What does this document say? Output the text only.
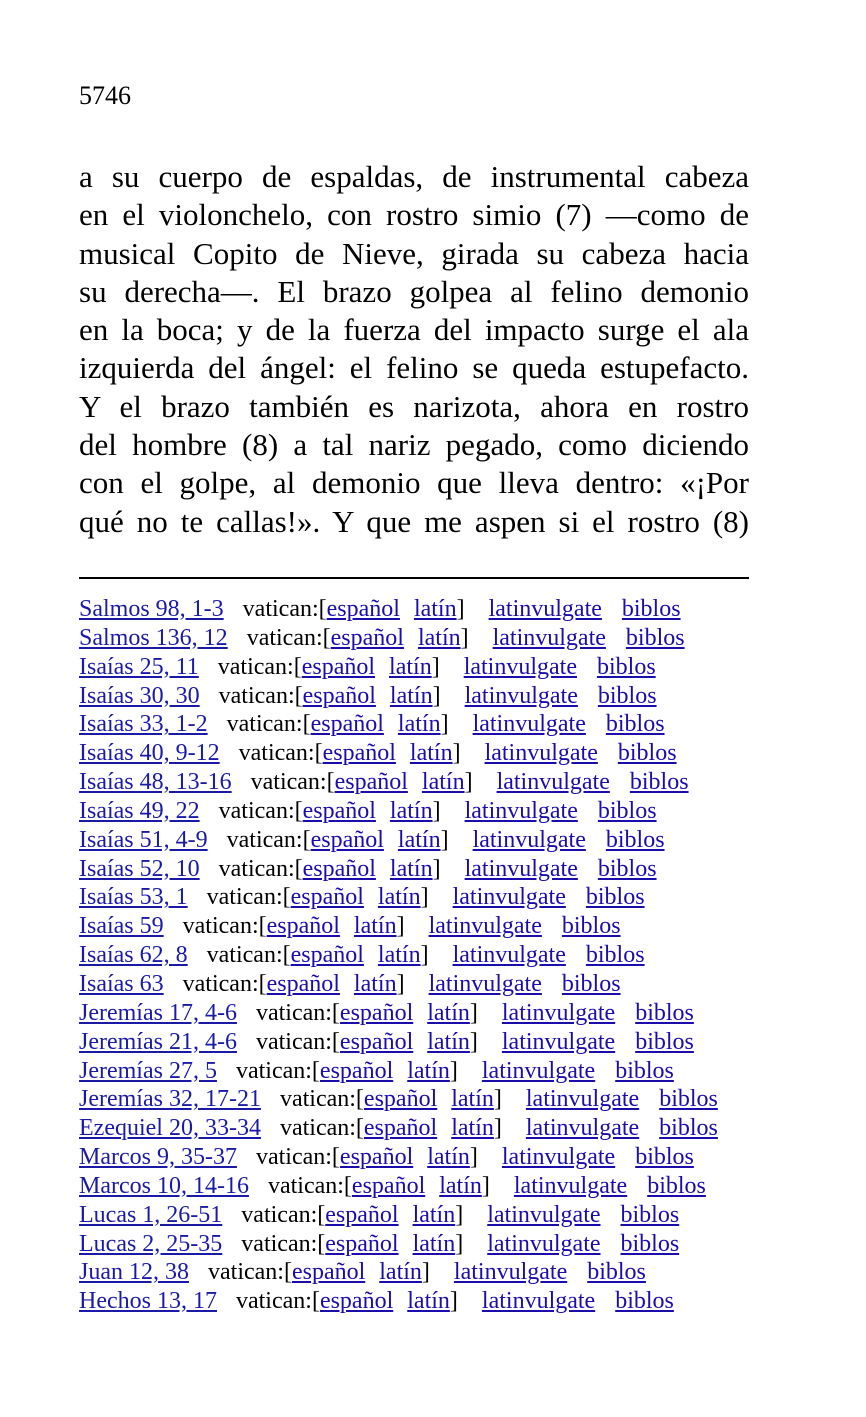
5746
a su cuerpo de espaldas, de instrumental cabeza
en el violonchelo, con rostro simio (7) —como de
musical Copito de Nieve, girada su cabeza hacia
su derecha—. El brazo golpea al felino demonio
en la boca; y de la fuerza del impacto surge el ala
izquierda del ángel: el felino se queda estupefacto.
Y el brazo también es narizota, ahora en rostro
del hombre (8) a tal nariz pegado, como diciendo
con el golpe, al demonio que lleva dentro: «¡Por
qué no te callas!». Y que me aspen si el rostro (8)
Salmos 98, 1-3 vatican:[español latín] latinvulgate biblos
Salmos 136, 12 vatican:[español latín] latinvulgate biblos
Isaías 25, 11 vatican:[español latín] latinvulgate biblos
Isaías 30, 30 vatican:[español latín] latinvulgate biblos
Isaías 33, 1-2 vatican:[español latín] latinvulgate biblos
Isaías 40, 9-12 vatican:[español latín] latinvulgate biblos
Isaías 48, 13-16 vatican:[español latín] latinvulgate biblos
Isaías 49, 22 vatican:[español latín] latinvulgate biblos
Isaías 51, 4-9 vatican:[español latín] latinvulgate biblos
Isaías 52, 10 vatican:[español latín] latinvulgate biblos
Isaías 53, 1 vatican:[español latín] latinvulgate biblos
Isaías 59 vatican:[español latín] latinvulgate biblos
Isaías 62, 8 vatican:[español latín] latinvulgate biblos
Isaías 63 vatican:[español latín] latinvulgate biblos
Jeremías 17, 4-6 vatican:[español latín] latinvulgate biblos
Jeremías 21, 4-6 vatican:[español latín] latinvulgate biblos
Jeremías 27, 5 vatican:[español latín] latinvulgate biblos
Jeremías 32, 17-21 vatican:[español latín] latinvulgate biblos
Ezequiel 20, 33-34 vatican:[español latín] latinvulgate biblos
Marcos 9, 35-37 vatican:[español latín] latinvulgate biblos
Marcos 10, 14-16 vatican:[español latín] latinvulgate biblos
Lucas 1, 26-51 vatican:[español latín] latinvulgate biblos
Lucas 2, 25-35 vatican:[español latín] latinvulgate biblos
Juan 12, 38 vatican:[español latín] latinvulgate biblos
Hechos 13, 17 vatican:[español latín] latinvulgate biblos
